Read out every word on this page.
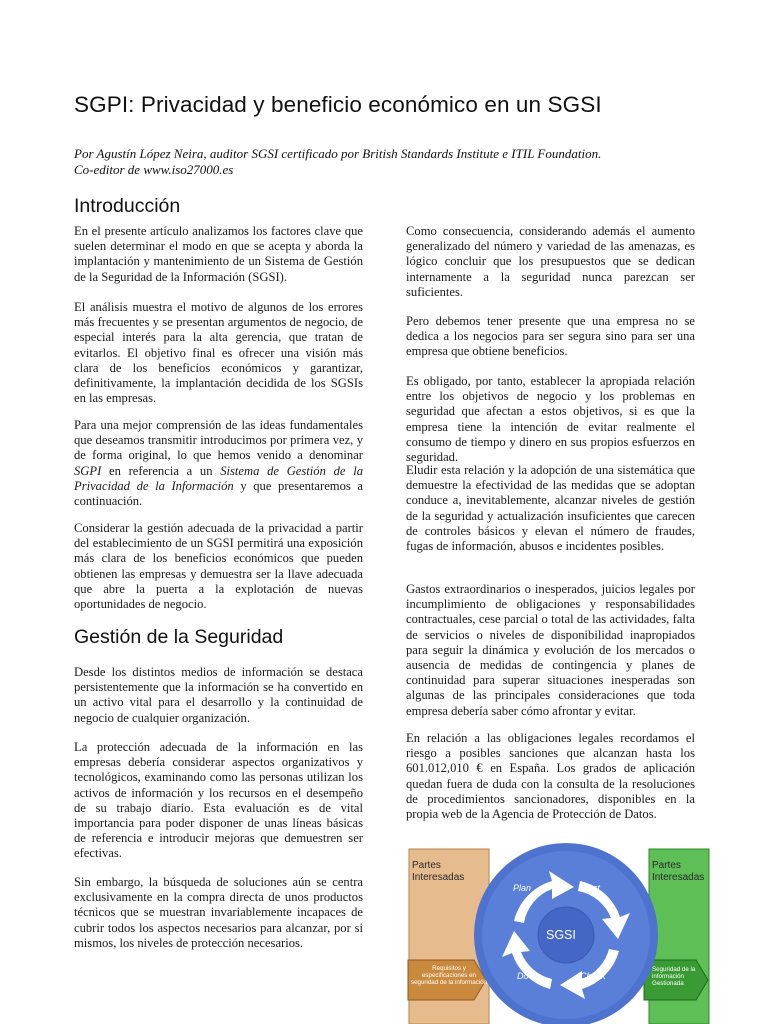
SGPI: Privacidad y beneficio económico en un SGSI
Por Agustín López Neira, auditor SGSI certificado por British Standards Institute e ITIL Foundation.
Co-editor de www.iso27000.es
Introducción

En el presente artículo analizamos los factores clave que suelen determinar el modo en que se acepta y aborda la implantación y mantenimiento de un Sistema de Gestión de la Seguridad de la Información (SGSI).

El análisis muestra el motivo de algunos de los errores más frecuentes y se presentan argumentos de negocio, de especial interés para la alta gerencia, que tratan de evitarlos. El objetivo final es ofrecer una visión más clara de los beneficios económicos y garantizar, definitivamente, la implantación decidida de los SGSIs en las empresas.

Para una mejor comprensión de las ideas fundamentales que deseamos transmitir introducimos por primera vez, y de forma original, lo que hemos venido a denominar SGPI en referencia a un Sistema de Gestión de la Privacidad de la Información y que presentaremos a continuación.

Considerar la gestión adecuada de la privacidad a partir del establecimiento de un SGSI permitirá una exposición más clara de los beneficios económicos que pueden obtienen las empresas y demuestra ser la llave adecuada que abre la puerta a la explotación de nuevas oportunidades de negocio.

Gestión de la Seguridad

Desde los distintos medios de información se destaca persistentemente que la información se ha convertido en un activo vital para el desarrollo y la continuidad de negocio de cualquier organización.

La protección adecuada de la información en las empresas debería considerar aspectos organizativos y tecnológicos, examinando como las personas utilizan los activos de información y los recursos en el desempeño de su trabajo diario. Esta evaluación es de vital importancia para poder disponer de unas líneas básicas de referencia e introducir mejoras que demuestren ser efectivas.

Sin embargo, la búsqueda de soluciones aún se centra exclusivamente en la compra directa de unos productos técnicos que se muestran invariablemente incapaces de cubrir todos los aspectos necesarios para alcanzar, por si mismos, los niveles de protección necesarios.

Como consecuencia, considerando además el aumento generalizado del número y variedad de las amenazas, es lógico concluir que los presupuestos que se dedican internamente a la seguridad nunca parezcan ser suficientes.

Pero debemos tener presente que una empresa no se dedica a los negocios para ser segura sino para ser una empresa que obtiene beneficios.

Es obligado, por tanto, establecer la apropiada relación entre los objetivos de negocio y los problemas en seguridad que afectan a estos objetivos, si es que la empresa tiene la intención de evitar realmente el consumo de tiempo y dinero en sus propios esfuerzos en seguridad.

Eludir esta relación y la adopción de una sistemática que demuestre la efectividad de las medidas que se adoptan conduce a, inevitablemente, alcanzar niveles de gestión de la seguridad y actualización insuficientes que carecen de controles básicos y elevan el número de fraudes, fugas de información, abusos e incidentes posibles.

Gastos extraordinarios o inesperados, juicios legales por incumplimiento de obligaciones y responsabilidades contractuales, cese parcial o total de las actividades, falta de servicios o niveles de disponibilidad inapropiados para seguir la dinámica y evolución de los mercados o ausencia de medidas de contingencia y planes de continuidad para superar situaciones inesperadas son algunas de las principales consideraciones que toda empresa debería saber cómo afrontar y evitar.

En relación a las obligaciones legales recordamos el riesgo a posibles sanciones que alcanzan hasta los 601.012,010 € en España. Los grados de aplicación quedan fuera de duda con la consulta de la resoluciones de procedimientos sancionadores, disponibles en la propia web de la Agencia de Protección de Datos.

Partes Interesadas
Partes Interesadas
Plan	Act
SGSI
Do	Check
Requisitos y especificaciones en seguridad de la información
Seguridad de la información Gestionada
